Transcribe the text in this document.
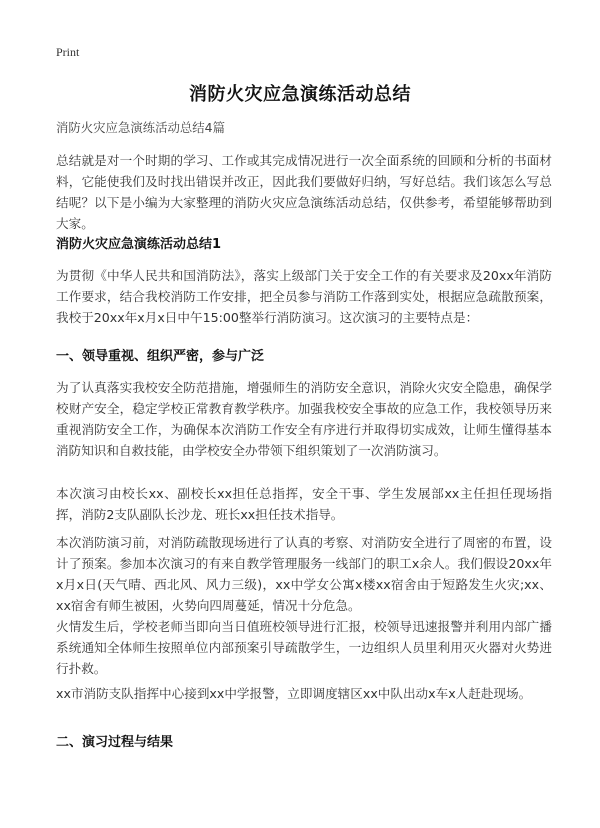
Print
消防火灾应急演练活动总结
消防火灾应急演练活动总结4篇
总结就是对一个时期的学习、工作或其完成情况进行一次全面系统的回顾和分析的书面材料，它能使我们及时找出错误并改正，因此我们要做好归纳，写好总结。我们该怎么写总结呢？以下是小编为大家整理的消防火灾应急演练活动总结，仅供参考，希望能够帮助到大家。
消防火灾应急演练活动总结1
为贯彻《中华人民共和国消防法》，落实上级部门关于安全工作的有关要求及20xx年消防工作要求，结合我校消防工作安排，把全员参与消防工作落到实处，根据应急疏散预案，我校于20xx年x月x日中午15:00整举行消防演习。这次演习的主要特点是：
一、领导重视、组织严密，参与广泛
为了认真落实我校安全防范措施，增强师生的消防安全意识，消除火灾安全隐患，确保学校财产安全，稳定学校正常教育教学秩序。加强我校安全事故的应急工作，我校领导历来重视消防安全工作，为确保本次消防工作安全有序进行并取得切实成效，让师生懂得基本消防知识和自救技能，由学校安全办带领下组织策划了一次消防演习。
本次演习由校长xx、副校长xx担任总指挥，安全干事、学生发展部xx主任担任现场指挥，消防2支队副队长沙龙、班长xx担任技术指导。
本次消防演习前，对消防疏散现场进行了认真的考察、对消防安全进行了周密的布置，设计了预案。参加本次演习的有来自教学管理服务一线部门的职工x余人。我们假设20xx年x月x日(天气晴、西北风、风力三级)，xx中学女公寓x楼xx宿舍由于短路发生火灾;xx、xx宿舍有师生被困，火势向四周蔓延，情况十分危急。
火情发生后，学校老师当即向当日值班校领导进行汇报，校领导迅速报警并利用内部广播系统通知全体师生按照单位内部预案引导疏散学生，一边组织人员里利用灭火器对火势进行扑救。
xx市消防支队指挥中心接到xx中学报警，立即调度辖区xx中队出动x车x人赶赴现场。
二、演习过程与结果
